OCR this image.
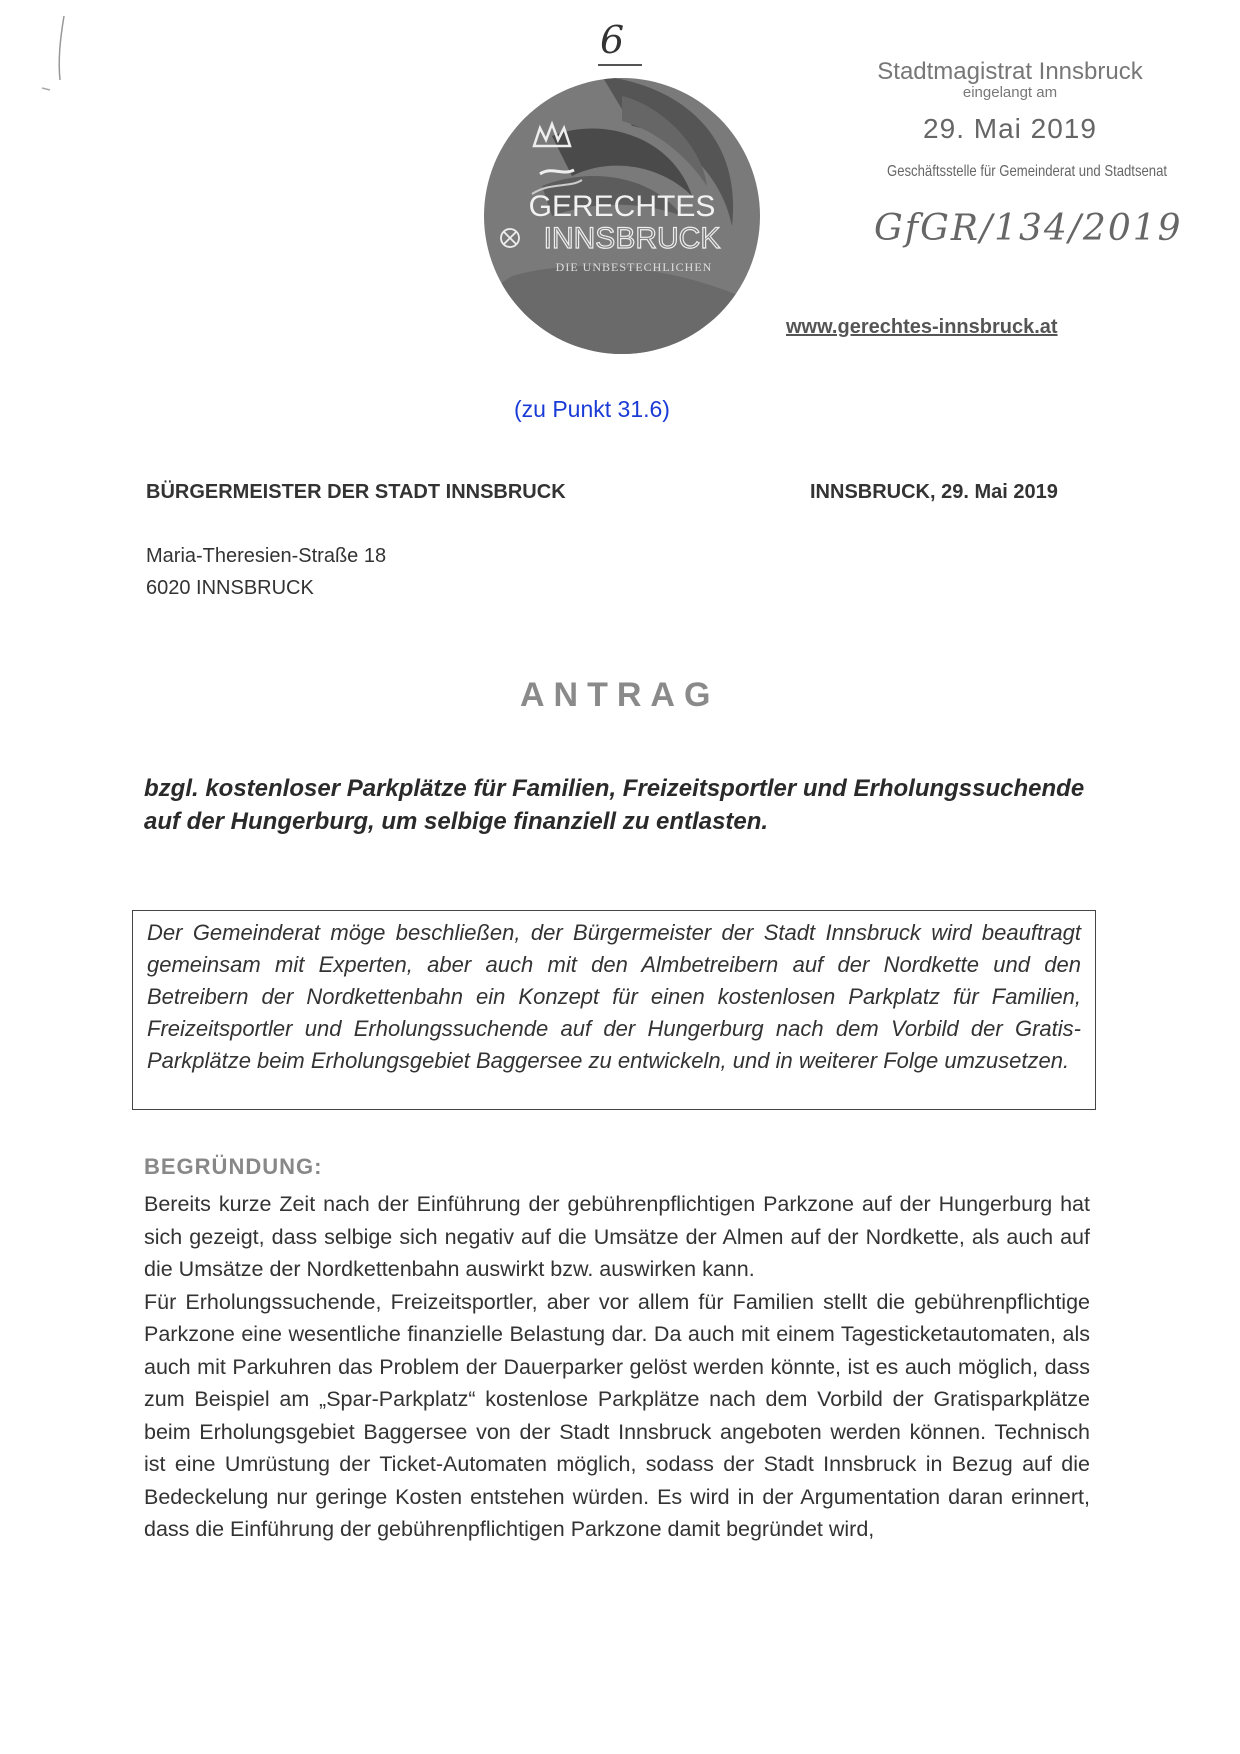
6
GERECHTES
INNSBRUCK
DIE UNBESTECHLICHEN
Stadtmagistrat Innsbruck
eingelangt am
29. Mai 2019
Geschäftsstelle für Gemeinderat und Stadtsenat
GfGR/134/2019
www.gerechtes-innsbruck.at
(zu Punkt 31.6)
BÜRGERMEISTER DER STADT INNSBRUCK	INNSBRUCK, 29. Mai 2019
Maria-Theresien-Straße 18
6020 INNSBRUCK
ANTRAG
bzgl. kostenloser Parkplätze für Familien, Freizeitsportler und Erholungssuchende auf der Hungerburg, um selbige finanziell zu entlasten.
Der Gemeinderat möge beschließen, der Bürgermeister der Stadt Innsbruck wird beauftragt gemeinsam mit Experten, aber auch mit den Almbetreibern auf der Nordkette und den Betreibern der Nordkettenbahn ein Konzept für einen kostenlosen Parkplatz für Familien, Freizeitsportler und Erholungssuchende auf der Hungerburg nach dem Vorbild der Gratis-Parkplätze beim Erholungsgebiet Baggersee zu entwickeln, und in weiterer Folge umzusetzen.
BEGRÜNDUNG:

Bereits kurze Zeit nach der Einführung der gebührenpflichtigen Parkzone auf der Hungerburg hat sich gezeigt, dass selbige sich negativ auf die Umsätze der Almen auf der Nordkette, als auch auf die Umsätze der Nordkettenbahn auswirkt bzw. auswirken kann.

Für Erholungssuchende, Freizeitsportler, aber vor allem für Familien stellt die gebührenpflichtige Parkzone eine wesentliche finanzielle Belastung dar. Da auch mit einem Tagesticketautomaten, als auch mit Parkuhren das Problem der Dauerparker gelöst werden könnte, ist es auch möglich, dass zum Beispiel am „Spar-Parkplatz“ kostenlose Parkplätze nach dem Vorbild der Gratisparkplätze beim Erholungsgebiet Baggersee von der Stadt Innsbruck angeboten werden können. Technisch ist eine Umrüstung der Ticket-Automaten möglich, sodass der Stadt Innsbruck in Bezug auf die Bedeckelung nur geringe Kosten entstehen würden. Es wird in der Argumentation daran erinnert, dass die Einführung der gebührenpflichtigen Parkzone damit begründet wird,
